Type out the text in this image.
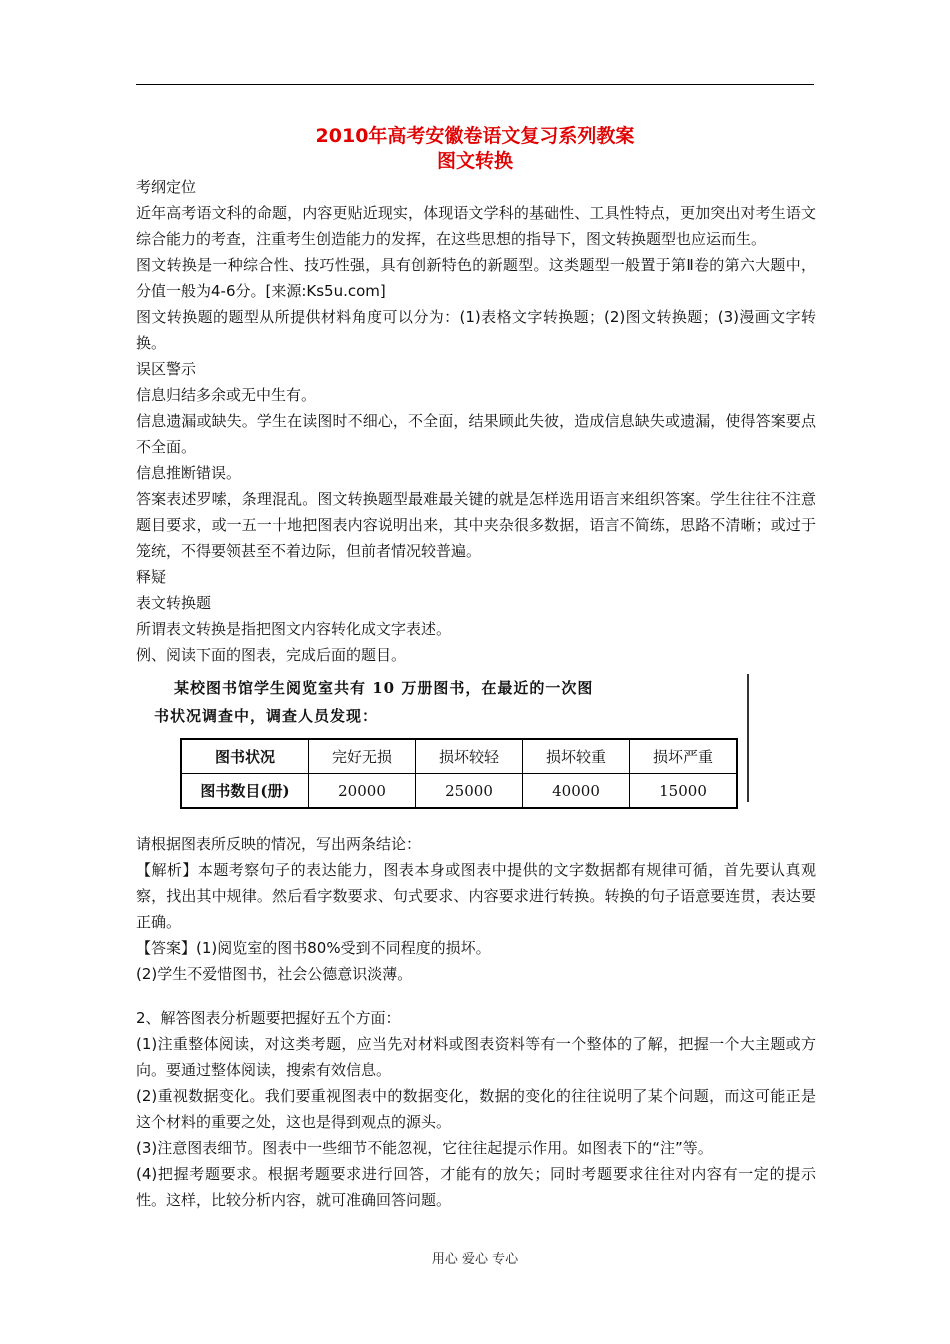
2010年高考安徽卷语文复习系列教案
图文转换

考纲定位

近年高考语文科的命题，内容更贴近现实，体现语文学科的基础性、工具性特点，更加突出对考生语文综合能力的考查，注重考生创造能力的发挥，在这些思想的指导下，图文转换题型也应运而生。

图文转换是一种综合性、技巧性强，具有创新特色的新题型。这类题型一般置于第Ⅱ卷的第六大题中，分值一般为4-6分。[来源:Ks5u.com]

图文转换题的题型从所提供材料角度可以分为：(1)表格文字转换题；(2)图文转换题；(3)漫画文字转换。

误区警示

信息归结多余或无中生有。

信息遗漏或缺失。学生在读图时不细心，不全面，结果顾此失彼，造成信息缺失或遗漏，使得答案要点不全面。

信息推断错误。

答案表述罗嗦，条理混乱。图文转换题型最难最关键的就是怎样选用语言来组织答案。学生往往不注意题目要求，或一五一十地把图表内容说明出来，其中夹杂很多数据，语言不简练，思路不清晰；或过于笼统，不得要领甚至不着边际，但前者情况较普遍。

释疑

表文转换题

所谓表文转换是指把图文内容转化成文字表述。

例、阅读下面的图表，完成后面的题目。

某校图书馆学生阅览室共有 10 万册图书，在最近的一次图
书状况调查中，调查人员发现：
图书状况	完好无损	损坏较轻	损坏较重	损坏严重
图书数目(册)	20000	25000	40000	15000

请根据图表所反映的情况，写出两条结论：

【解析】本题考察句子的表达能力，图表本身或图表中提供的文字数据都有规律可循，首先要认真观察，找出其中规律。然后看字数要求、句式要求、内容要求进行转换。转换的句子语意要连贯，表达要正确。

【答案】(1)阅览室的图书80%受到不同程度的损坏。

(2)学生不爱惜图书，社会公德意识淡薄。

2、解答图表分析题要把握好五个方面：

(1)注重整体阅读，对这类考题，应当先对材料或图表资料等有一个整体的了解，把握一个大主题或方向。要通过整体阅读，搜索有效信息。

(2)重视数据变化。我们要重视图表中的数据变化，数据的变化的往往说明了某个问题，而这可能正是这个材料的重要之处，这也是得到观点的源头。

(3)注意图表细节。图表中一些细节不能忽视，它往往起提示作用。如图表下的“注”等。

(4)把握考题要求。根据考题要求进行回答，才能有的放矢；同时考题要求往往对内容有一定的提示性。这样，比较分析内容，就可准确回答问题。

用心 爱心 专心
